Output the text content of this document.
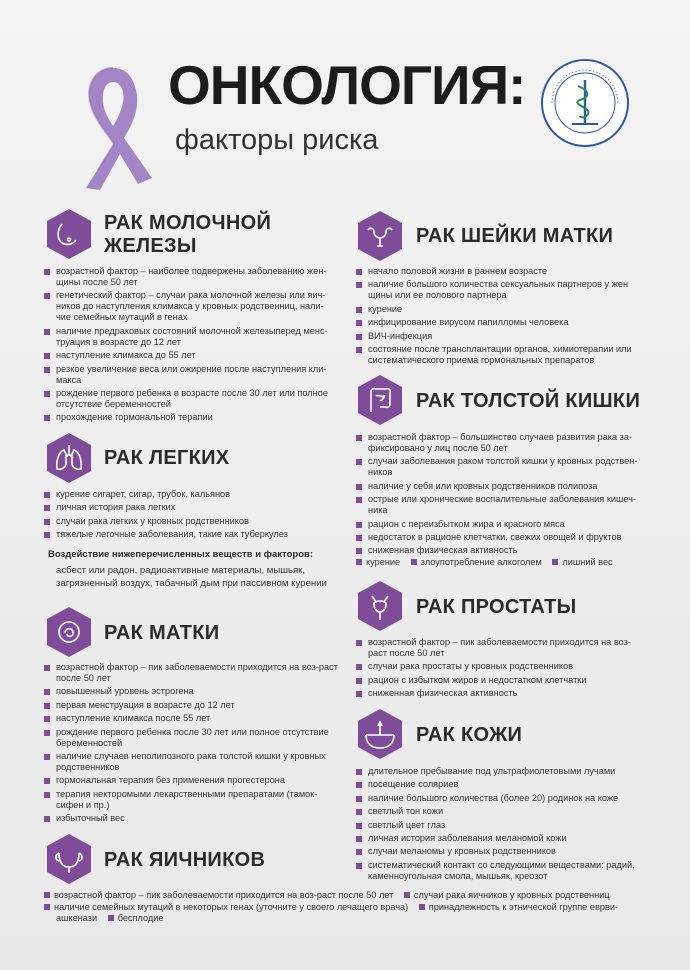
ОНКОЛОГИЯ:
факторы риска
РАК МОЛОЧНОЙ
ЖЕЛЕЗЫ
возрастной фактор – наиболее подвержены заболеванию жен-щины после 50 лет
генетический фактор – случаи рака молочной железы или яич-ников до наступления климакса у кровных родственниц, нали-чие семейных мутаций в генах
наличие предраковых состояний молочной железыперед менс-труация в возрасте до 12 лет
наступление климакса до 55 лет
резкое увеличение веса или ожирение после наступления кли-макса
рождение первого ребенка в возрасте после 30 лет или полное отсутствие беременностей
прохождение гормональной терапии
РАК ЛЕГКИХ
курение сигарет, сигар, трубок, кальянов
личная история рака легких
случаи рака легких у кровных родственников
тяжелые легочные заболевания, такие как туберкулез
Воздействие нижеперечисленных веществ и факторов:
асбест или радон, радиоактивные материалы, мышьяк, загрязненный воздух, табачный дым при пассивном курении
РАК МАТКИ
возрастной фактор – пик заболеваемости приходится на воз-раст после 50 лет
повышенный уровень эстрогена
первая менструация в возрасте до 12 лет
наступление климакса после 55 лет
рождение первого ребенка после 30 лет или полное отсутствие беременностей
наличие случаев неполипозного рака толстой кишки у кровных родственников
гормональная терапия без применения прогестерона
терапия некторомыми лекарственными препаратами (тамок-сифен и пр.)
избыточный вес
РАК ЯИЧНИКОВ
возрастной фактор – пик заболеваемости приходится на воз-раст после 50 лет случаи рака яичников у кровных родственниц
наличие семейных мутаций в некоторых генах (уточните у своего лечащего врача) принадлежность к этнической группе еврви-
ашкенази бесплодие
РАК ШЕЙКИ МАТКИ
начало половой жизни в раннем возрасте
наличие большого количества сексуальных партнеров у жен щины или ее полового партнера
курение
инфицирование вирусом папилломы человека
ВИЧ-инфекция
состояние после трансплантации органов, химиотерапии или систематического приема гормональных препаратов
РАК ТОЛСТОЙ КИШКИ
возрастной фактор – большинство случаев развития рака за-фиксировано у лиц после 50 лет
случаи заболевания раком толстой кишки у кровных родствен-ников
наличие у себя или кровных родственников полипоза
острые или хронические воспалительные заболевания кишеч-ника
рацион с переизбытком жира и красного мяса
недостаток в рационе клетчатки, свежих овощей и фруктов
сниженная физическая активность
курение злоупотребление алкоголем лишний вес
РАК ПРОСТАТЫ
возрастной фактор – пик заболеваемости приходится на воз-раст после 50 лет
случаи рака простаты у кровных родственников
рацион с избытком жиров и недостатком клетчатки
сниженная физическая активность
РАК КОЖИ
длительное пребывание под ультрафиолетовыми лучами
посещение соляриев
наличие большого количества (более 20) родинок на коже
светлый тон кожи
светлый цвет глаз
личная история заболевания меланомой кожи
случаи меланомы у кровных родственников
систематический контакт со следующими веществами: радий, каменноугольная смола, мышьяк, креозот
